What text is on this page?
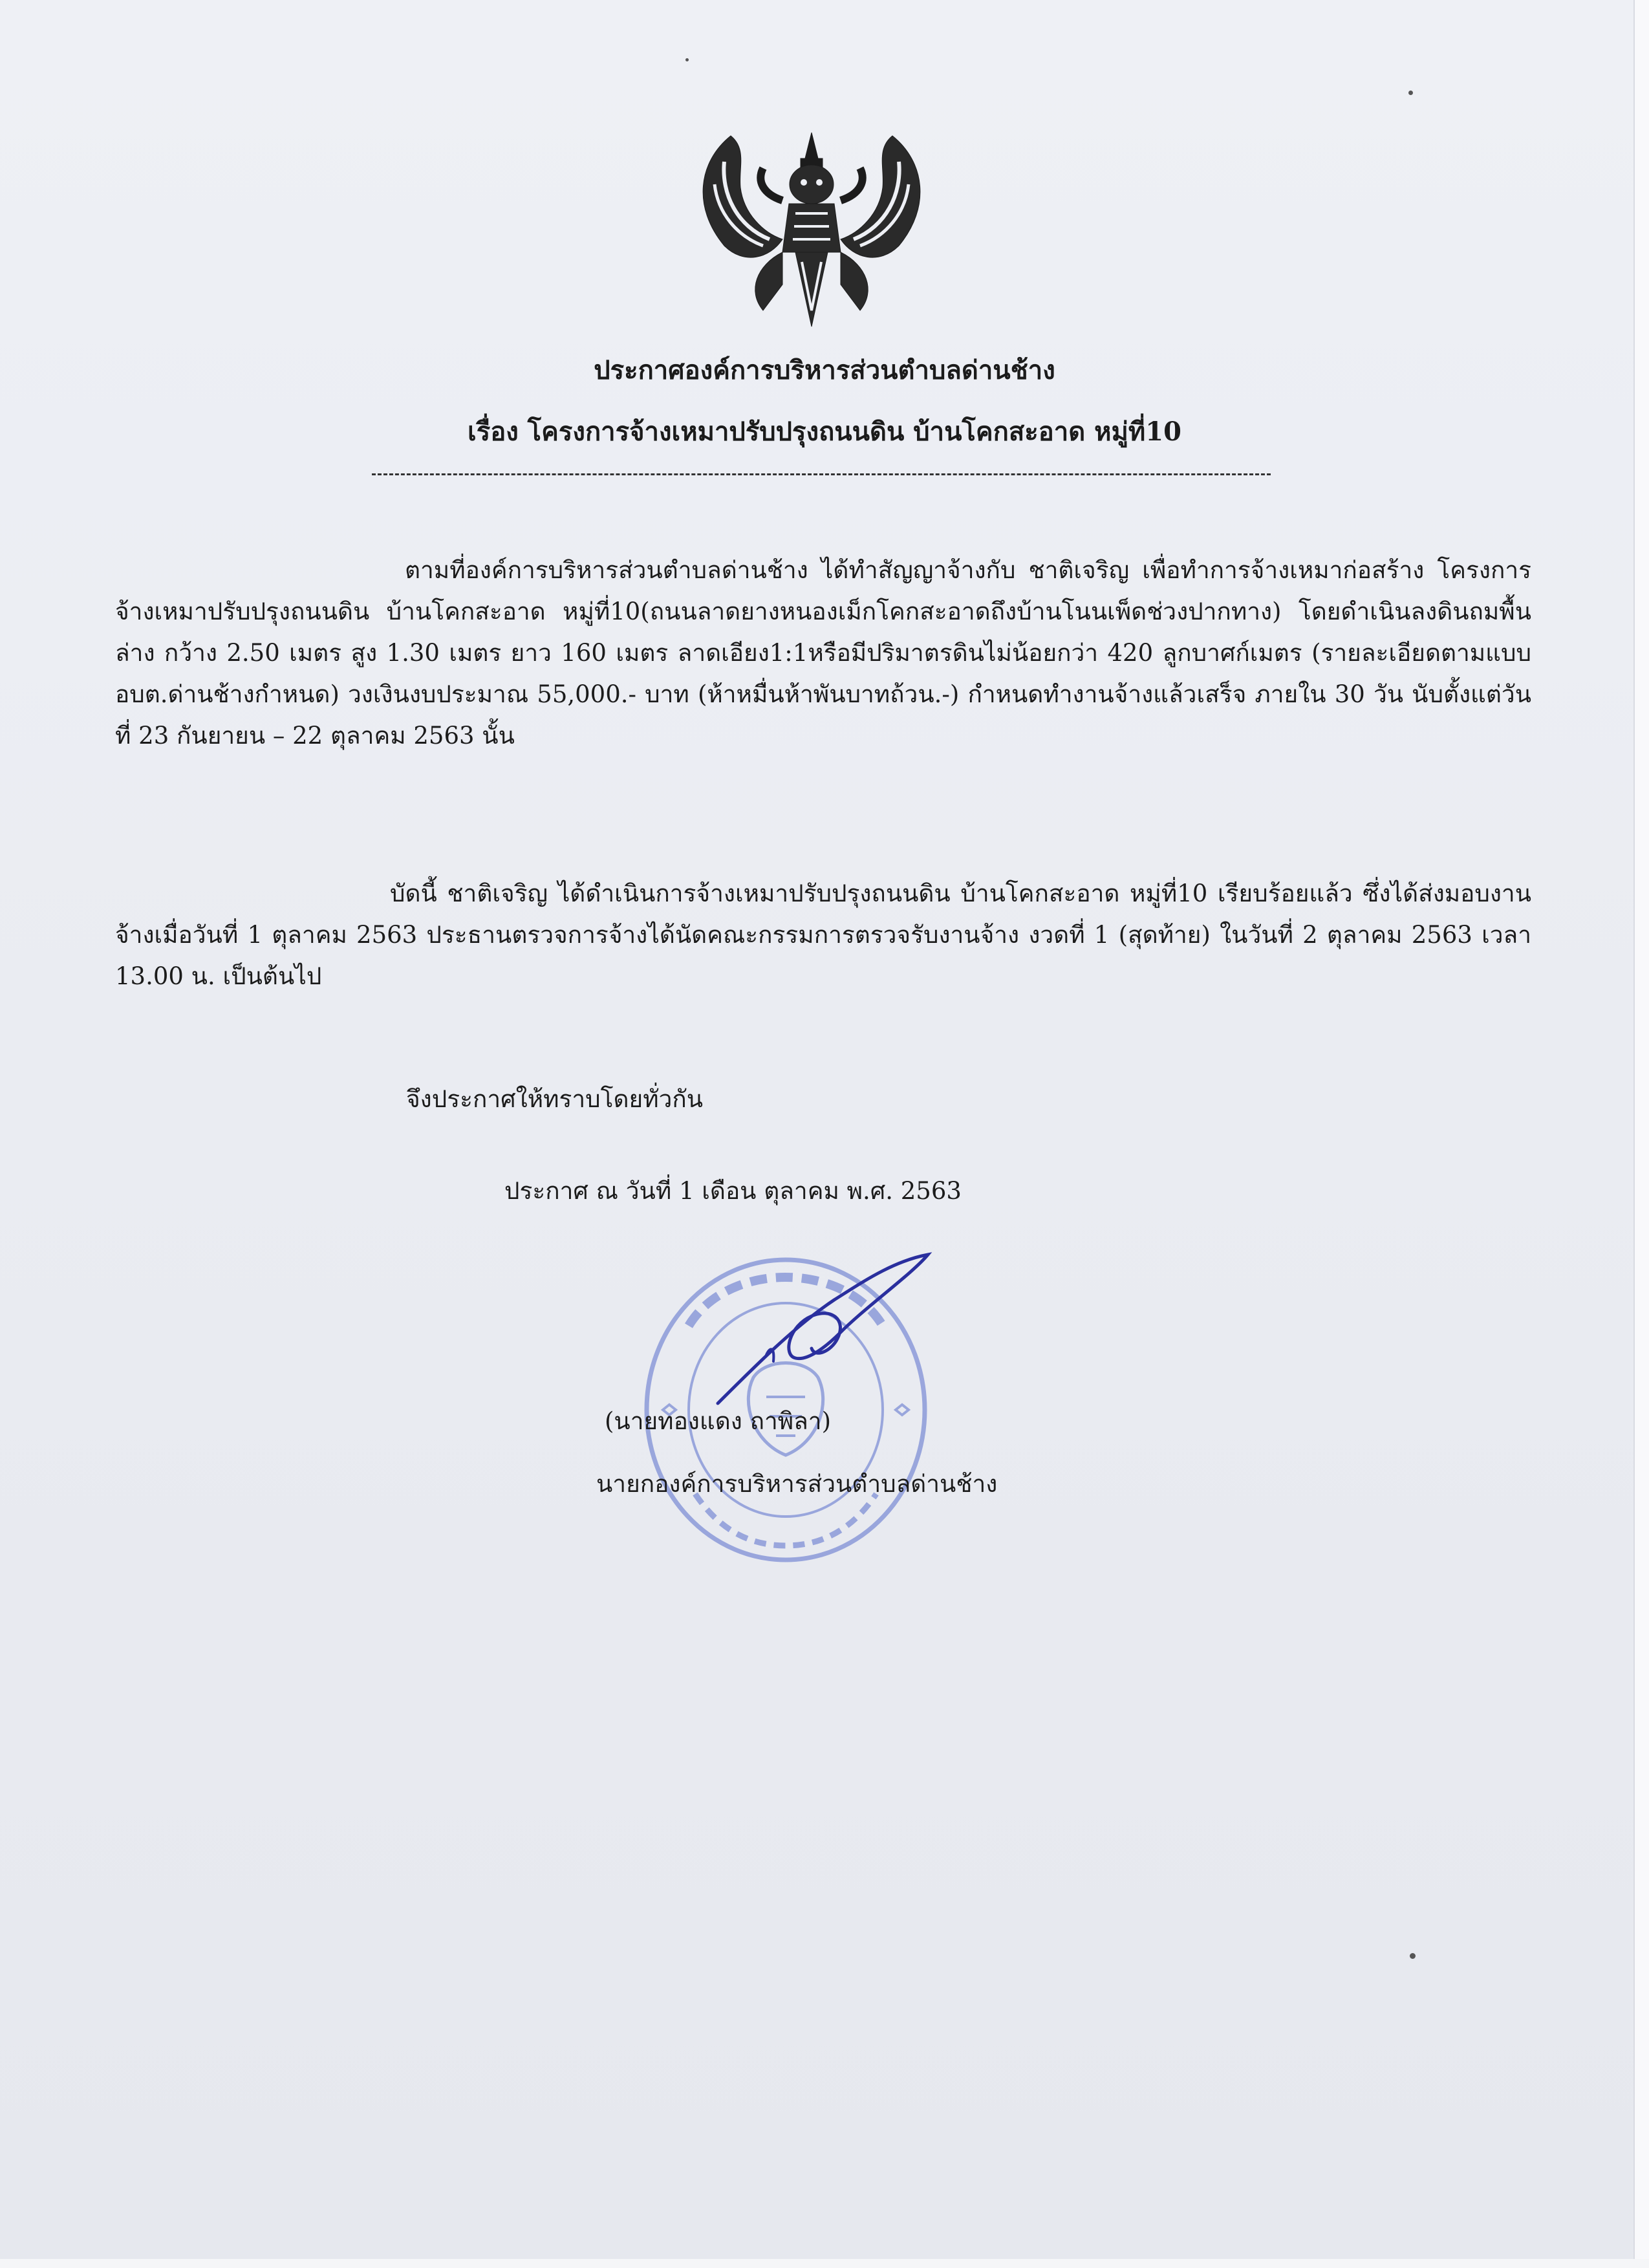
ประกาศองค์การบริหารส่วนตำบลด่านช้าง
เรื่อง โครงการจ้างเหมาปรับปรุงถนนดิน บ้านโคกสะอาด หมู่ที่10

ตามที่องค์การบริหารส่วนตำบลด่านช้าง ได้ทำสัญญาจ้างกับ ชาติเจริญ เพื่อทำการจ้างเหมาก่อสร้าง โครงการจ้างเหมาปรับปรุงถนนดิน บ้านโคกสะอาด หมู่ที่10(ถนนลาดยางหนองเม็กโคกสะอาดถึงบ้านโนนเพ็ดช่วงปากทาง) โดยดำเนินลงดินถมพื้นล่าง กว้าง 2.50 เมตร สูง 1.30 เมตร ยาว 160 เมตร ลาดเอียง1:1หรือมีปริมาตรดินไม่น้อยกว่า 420 ลูกบาศก์เมตร (รายละเอียดตามแบบ อบต.ด่านช้างกำหนด) วงเงินงบประมาณ 55,000.- บาท (ห้าหมื่นห้าพันบาทถ้วน.-) กำหนดทำงานจ้างแล้วเสร็จ ภายใน 30 วัน นับตั้งแต่วันที่ 23 กันยายน – 22 ตุลาคม 2563 นั้น

บัดนี้ ชาติเจริญ ได้ดำเนินการจ้างเหมาปรับปรุงถนนดิน บ้านโคกสะอาด หมู่ที่10 เรียบร้อยแล้ว ซึ่งได้ส่งมอบงานจ้างเมื่อวันที่ 1 ตุลาคม 2563 ประธานตรวจการจ้างได้นัดคณะกรรมการตรวจรับงานจ้าง งวดที่ 1 (สุดท้าย) ในวันที่ 2 ตุลาคม 2563 เวลา 13.00 น. เป็นต้นไป

จึงประกาศให้ทราบโดยทั่วกัน

ประกาศ ณ วันที่ 1 เดือน ตุลาคม พ.ศ. 2563

(นายทองแดง ถาพิลา)

นายกองค์การบริหารส่วนตำบลด่านช้าง
